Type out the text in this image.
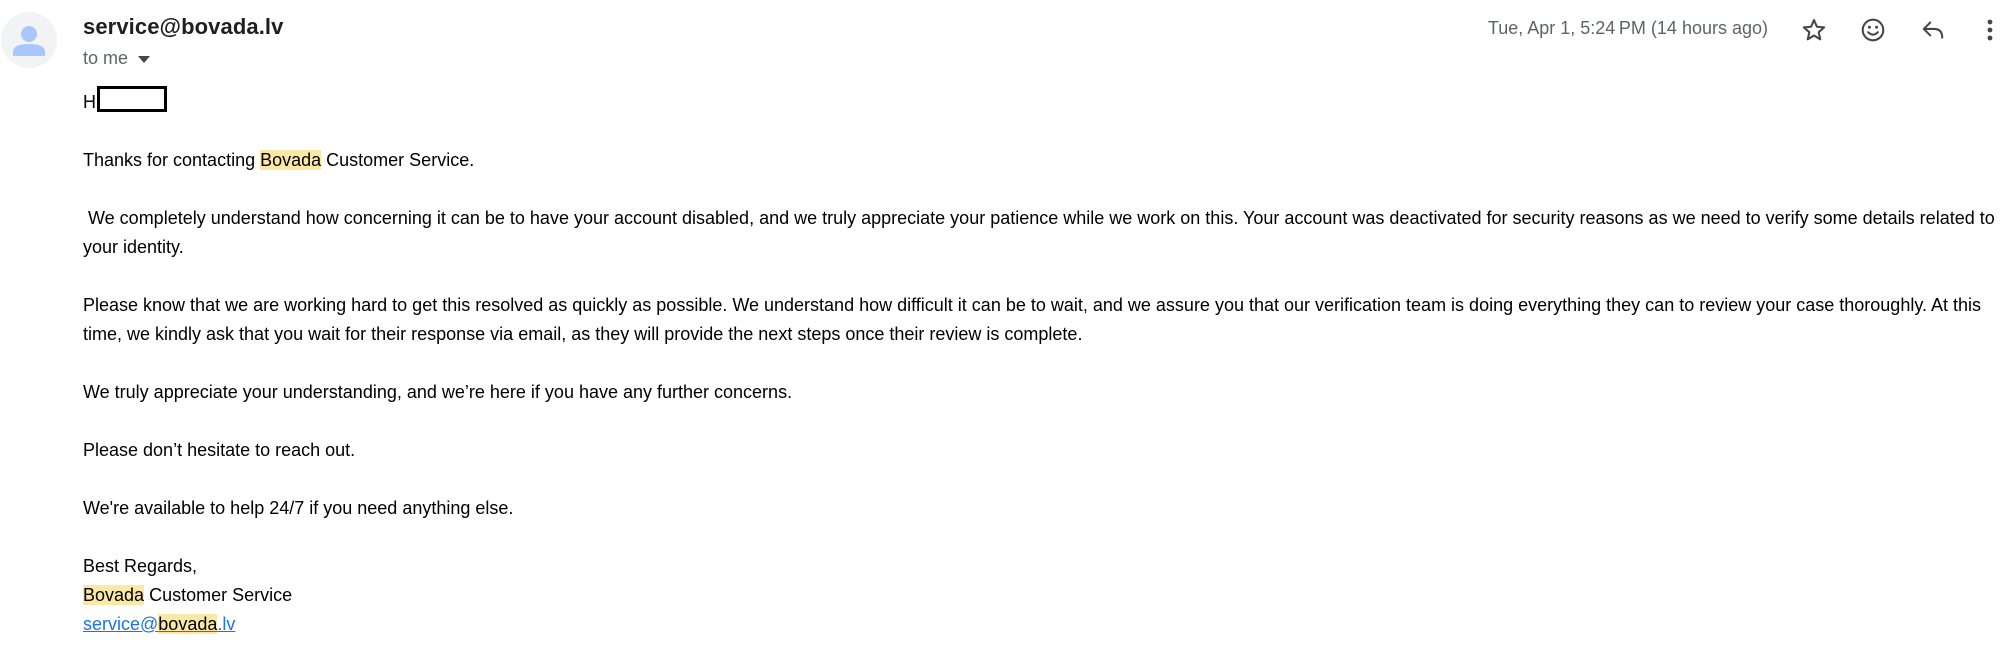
service@bovada.lv
to me
Tue, Apr 1, 5:24 PM (14 hours ago)

H

Thanks for contacting Bovada Customer Service.

We completely understand how concerning it can be to have your account disabled, and we truly appreciate your patience while we work on this. Your account was deactivated for security reasons as we need to verify some details related to your identity.

Please know that we are working hard to get this resolved as quickly as possible. We understand how difficult it can be to wait, and we assure you that our verification team is doing everything they can to review your case thoroughly. At this time, we kindly ask that you wait for their response via email, as they will provide the next steps once their review is complete.

We truly appreciate your understanding, and we’re here if you have any further concerns.

Please don’t hesitate to reach out.

We're available to help 24/7 if you need anything else.

Best Regards,

Bovada Customer Service

service@bovada.lv
